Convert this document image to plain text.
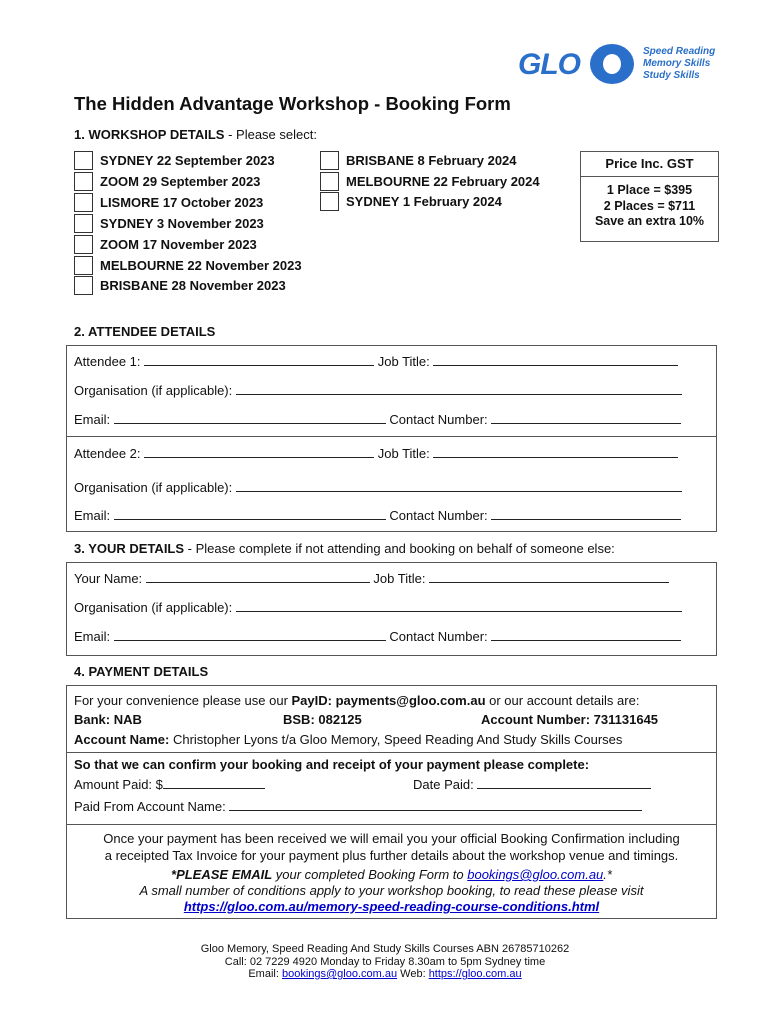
GLO	Speed Reading
Memory Skills
Study Skills
The Hidden Advantage Workshop - Booking Form
1. WORKSHOP DETAILS - Please select:
SYDNEY 22 September 2023
ZOOM 29 September 2023
LISMORE 17 October 2023
SYDNEY 3 November 2023
ZOOM 17 November 2023
MELBOURNE 22 November 2023
BRISBANE 28 November 2023
BRISBANE 8 February 2024
MELBOURNE 22 February 2024
SYDNEY 1 February 2024
Price Inc. GST
1 Place = $395
2 Places = $711
Save an extra 10%
2. ATTENDEE DETAILS
Attendee 1:	Job Title:
Organisation (if applicable):
Email:	Contact Number:
Attendee 2:	Job Title:
Organisation (if applicable):
Email:	Contact Number:
3. YOUR DETAILS - Please complete if not attending and booking on behalf of someone else:
Your Name:	Job Title:
Organisation (if applicable):
Email:	Contact Number:
4. PAYMENT DETAILS
For your convenience please use our PayID: payments@gloo.com.au or our account details are:
Bank: NAB	BSB: 082125	Account Number: 731131645
Account Name: Christopher Lyons t/a Gloo Memory, Speed Reading And Study Skills Courses
So that we can confirm your booking and receipt of your payment please complete:
Amount Paid: $	Date Paid:
Paid From Account Name:
Once your payment has been received we will email you your official Booking Confirmation including
a receipted Tax Invoice for your payment plus further details about the workshop venue and timings.
*PLEASE EMAIL your completed Booking Form to bookings@gloo.com.au.*
A small number of conditions apply to your workshop booking, to read these please visit
https://gloo.com.au/memory-speed-reading-course-conditions.html
Gloo Memory, Speed Reading And Study Skills Courses ABN 26785710262
Call: 02 7229 4920 Monday to Friday 8.30am to 5pm Sydney time
Email: bookings@gloo.com.au Web: https://gloo.com.au
